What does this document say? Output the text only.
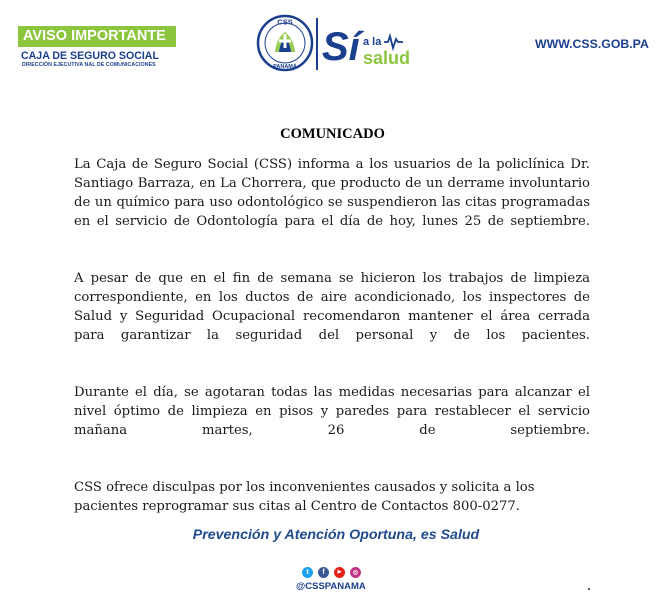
AVISO IMPORTANTE
CAJA DE SEGURO SOCIAL
DIRECCIÓN EJECUTIVA NAL DE COMUNICACIONES
CSS
PANAMÁ Sí a la
salud
WWW.CSS.GOB.PA
COMUNICADO

La Caja de Seguro Social (CSS) informa a los usuarios de la policlínica Dr. Santiago Barraza, en La Chorrera, que producto de un derrame involuntario de un químico para uso odontológico se suspendieron las citas programadas en el servicio de Odontología para el día de hoy, lunes 25 de septiembre.

A pesar de que en el fin de semana se hicieron los trabajos de limpieza correspondiente, en los ductos de aire acondicionado, los inspectores de Salud y Seguridad Ocupacional recomendaron mantener el área cerrada para garantizar la seguridad del personal y de los pacientes.

Durante el día, se agotaran todas las medidas necesarias para alcanzar el nivel óptimo de limpieza en pisos y paredes para restablecer el servicio mañana martes, 26 de septiembre.

CSS ofrece disculpas por los inconvenientes causados y solicita a los pacientes reprogramar sus citas al Centro de Contactos 800-0277.

Prevención y Atención Oportuna, es Salud
t	f	▶	◎
@CSSPANAMA
